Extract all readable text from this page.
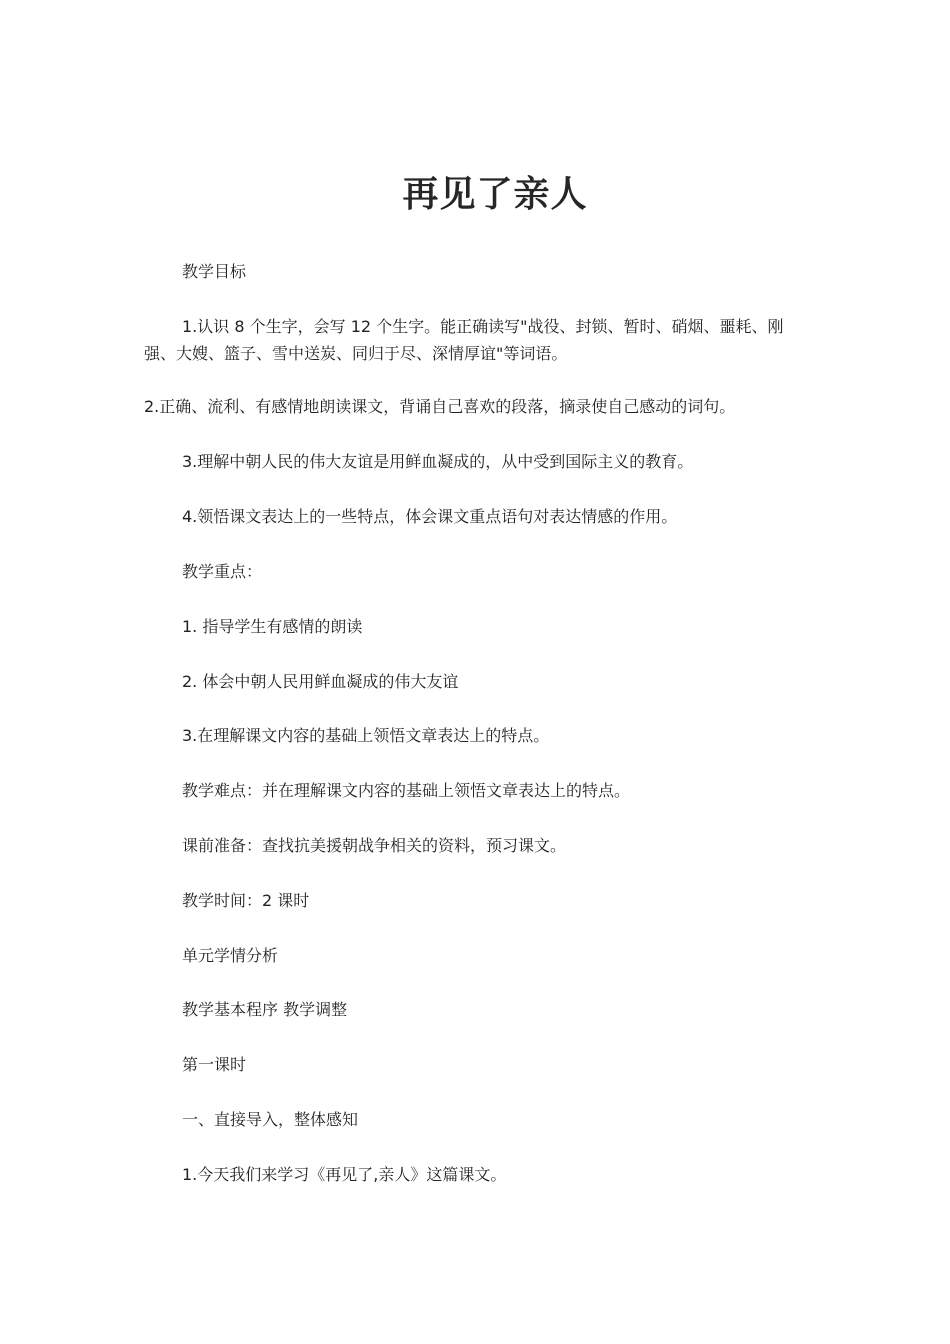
再见了亲人
教学目标
1.认识 8 个生字，会写 12 个生字。能正确读写"战役、封锁、暂时、硝烟、噩耗、刚强、大嫂、篮子、雪中送炭、同归于尽、深情厚谊"等词语。
2.正确、流利、有感情地朗读课文，背诵自己喜欢的段落，摘录使自己感动的词句。
3.理解中朝人民的伟大友谊是用鲜血凝成的，从中受到国际主义的教育。
4.领悟课文表达上的一些特点，体会课文重点语句对表达情感的作用。
教学重点：
1. 指导学生有感情的朗读
2. 体会中朝人民用鲜血凝成的伟大友谊
3.在理解课文内容的基础上领悟文章表达上的特点。
教学难点：并在理解课文内容的基础上领悟文章表达上的特点。
课前准备：查找抗美援朝战争相关的资料，预习课文。
教学时间：2 课时
单元学情分析
教学基本程序 教学调整
第一课时
一、直接导入，整体感知
1.今天我们来学习《再见了,亲人》这篇课文。
